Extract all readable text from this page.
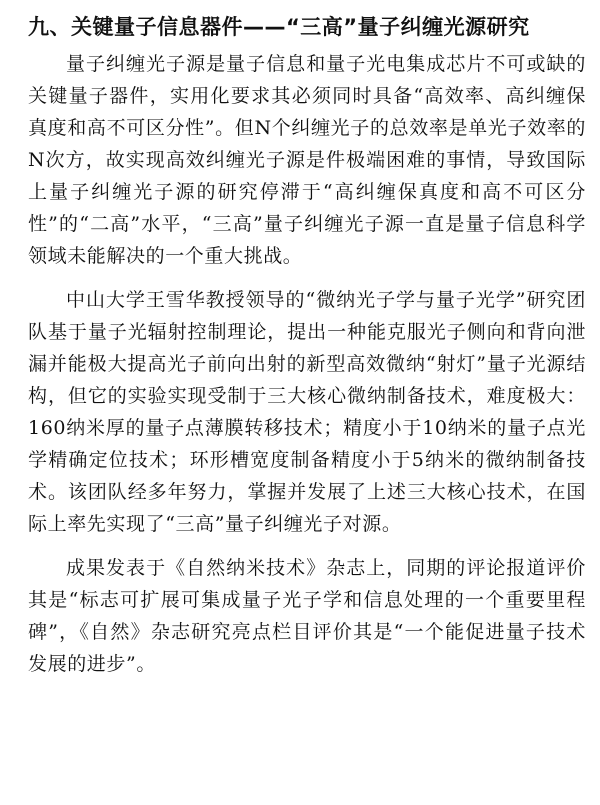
九、关键量子信息器件——“三高”量子纠缠光源研究

量子纠缠光子源是量子信息和量子光电集成芯片不可或缺的关键量子器件，实用化要求其必须同时具备“高效率、高纠缠保真度和高不可区分性”。但N个纠缠光子的总效率是单光子效率的N次方，故实现高效纠缠光子源是件极端困难的事情，导致国际上量子纠缠光子源的研究停滞于“高纠缠保真度和高不可区分性”的“二高”水平，“三高”量子纠缠光子源一直是量子信息科学领域未能解决的一个重大挑战。

中山大学王雪华教授领导的“微纳光子学与量子光学”研究团队基于量子光辐射控制理论，提出一种能克服光子侧向和背向泄漏并能极大提高光子前向出射的新型高效微纳“射灯”量子光源结构，但它的实验实现受制于三大核心微纳制备技术，难度极大：160纳米厚的量子点薄膜转移技术；精度小于10纳米的量子点光学精确定位技术；环形槽宽度制备精度小于5纳米的微纳制备技术。该团队经多年努力，掌握并发展了上述三大核心技术，在国际上率先实现了“三高”量子纠缠光子对源。

成果发表于《自然纳米技术》杂志上，同期的评论报道评价其是“标志可扩展可集成量子光子学和信息处理的一个重要里程碑”，《自然》杂志研究亮点栏目评价其是“一个能促进量子技术发展的进步”。
